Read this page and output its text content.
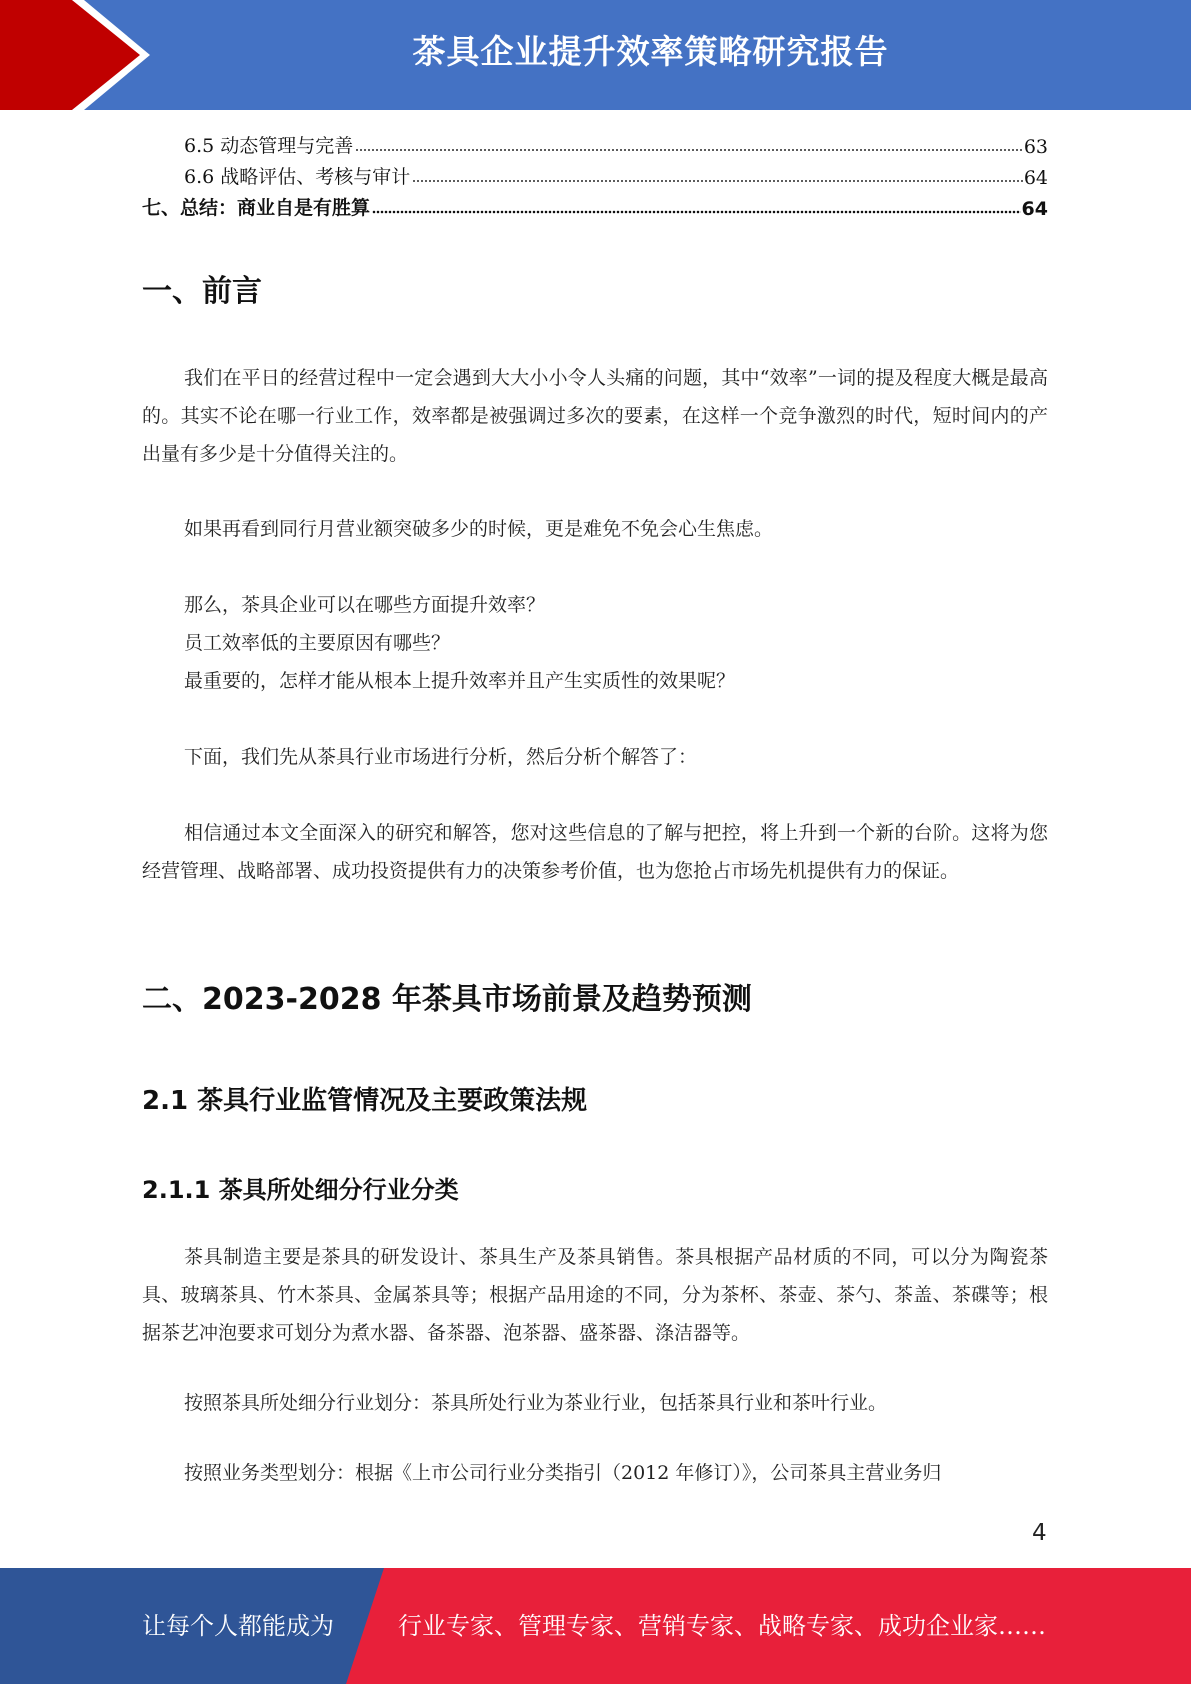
茶具企业提升效率策略研究报告
6.5 动态管理与完善	63
6.6 战略评估、考核与审计	64
七、总结：商业自是有胜算	64
一、前言
我们在平日的经营过程中一定会遇到大大小小令人头痛的问题，其中“效率”一词的提及程度大概是最高的。其实不论在哪一行业工作，效率都是被强调过多次的要素，在这样一个竞争激烈的时代，短时间内的产出量有多少是十分值得关注的。
如果再看到同行月营业额突破多少的时候，更是难免不免会心生焦虑。
那么，茶具企业可以在哪些方面提升效率？
员工效率低的主要原因有哪些？
最重要的，怎样才能从根本上提升效率并且产生实质性的效果呢？
下面，我们先从茶具行业市场进行分析，然后分析个解答了：
相信通过本文全面深入的研究和解答，您对这些信息的了解与把控，将上升到一个新的台阶。这将为您经营管理、战略部署、成功投资提供有力的决策参考价值，也为您抢占市场先机提供有力的保证。
二、2023-2028 年茶具市场前景及趋势预测
2.1 茶具行业监管情况及主要政策法规
2.1.1 茶具所处细分行业分类
茶具制造主要是茶具的研发设计、茶具生产及茶具销售。茶具根据产品材质的不同，可以分为陶瓷茶具、玻璃茶具、竹木茶具、金属茶具等；根据产品用途的不同，分为茶杯、茶壶、茶勺、茶盖、茶碟等；根据茶艺冲泡要求可划分为煮水器、备茶器、泡茶器、盛茶器、涤洁器等。
按照茶具所处细分行业划分：茶具所处行业为茶业行业，包括茶具行业和茶叶行业。
按照业务类型划分：根据《上市公司行业分类指引（2012 年修订）》，公司茶具主营业务归
4
让每个人都能成为	行业专家、管理专家、营销专家、战略专家、成功企业家……
